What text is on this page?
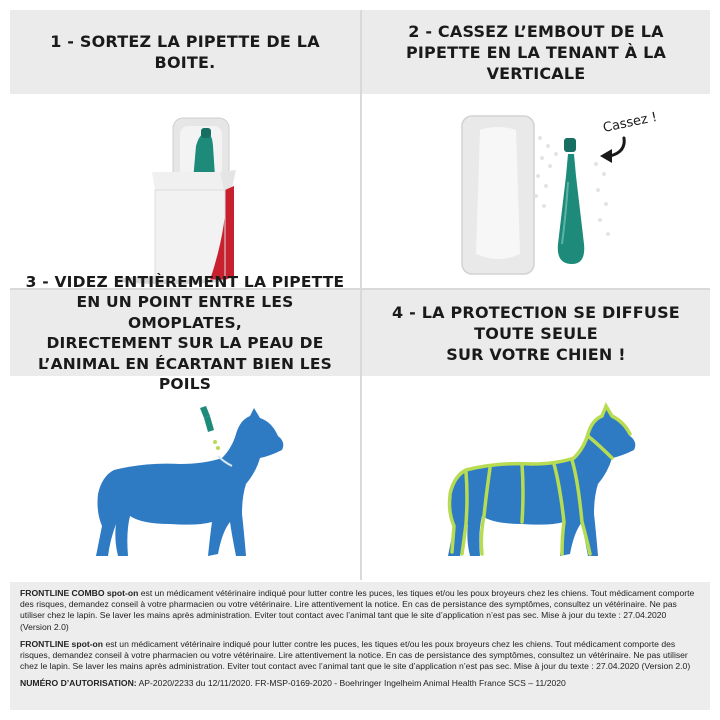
1 - SORTEZ LA PIPETTE DE LA
BOITE.
2 - CASSEZ L’EMBOUT DE LA
PIPETTE EN LA TENANT À LA
VERTICALE
Cassez !
3 - VIDEZ ENTIÈREMENT LA PIPETTE
EN UN POINT ENTRE LES OMOPLATES,
DIRECTEMENT SUR LA PEAU DE
L’ANIMAL EN ÉCARTANT BIEN LES POILS
4 - LA PROTECTION SE DIFFUSE
TOUTE SEULE
SUR VOTRE CHIEN !

FRONTLINE COMBO spot-on est un médicament vétérinaire indiqué pour lutter contre les puces, les tiques et/ou les poux broyeurs chez les chiens. Tout médicament comporte des risques, demandez conseil à votre pharmacien ou votre vétérinaire. Lire attentivement la notice. En cas de persistance des symptômes, consultez un vétérinaire. Ne pas utiliser chez le lapin. Se laver les mains après administration. Eviter tout contact avec l’animal tant que le site d’application n’est pas sec. Mise à jour du texte : 27.04.2020 (Version 2.0)

FRONTLINE spot-on est un médicament vétérinaire indiqué pour lutter contre les puces, les tiques et/ou les poux broyeurs chez les chiens. Tout médicament comporte des risques, demandez conseil à votre pharmacien ou votre vétérinaire. Lire attentivement la notice. En cas de persistance des symptômes, consultez un vétérinaire. Ne pas utiliser chez le lapin. Se laver les mains après administration. Eviter tout contact avec l’animal tant que le site d’application n’est pas sec. Mise à jour du texte : 27.04.2020 (Version 2.0)

NUMÉRO D’AUTORISATION: AP-2020/2233 du 12/11/2020. FR-MSP-0169-2020 - Boehringer Ingelheim Animal Health France SCS – 11/2020
